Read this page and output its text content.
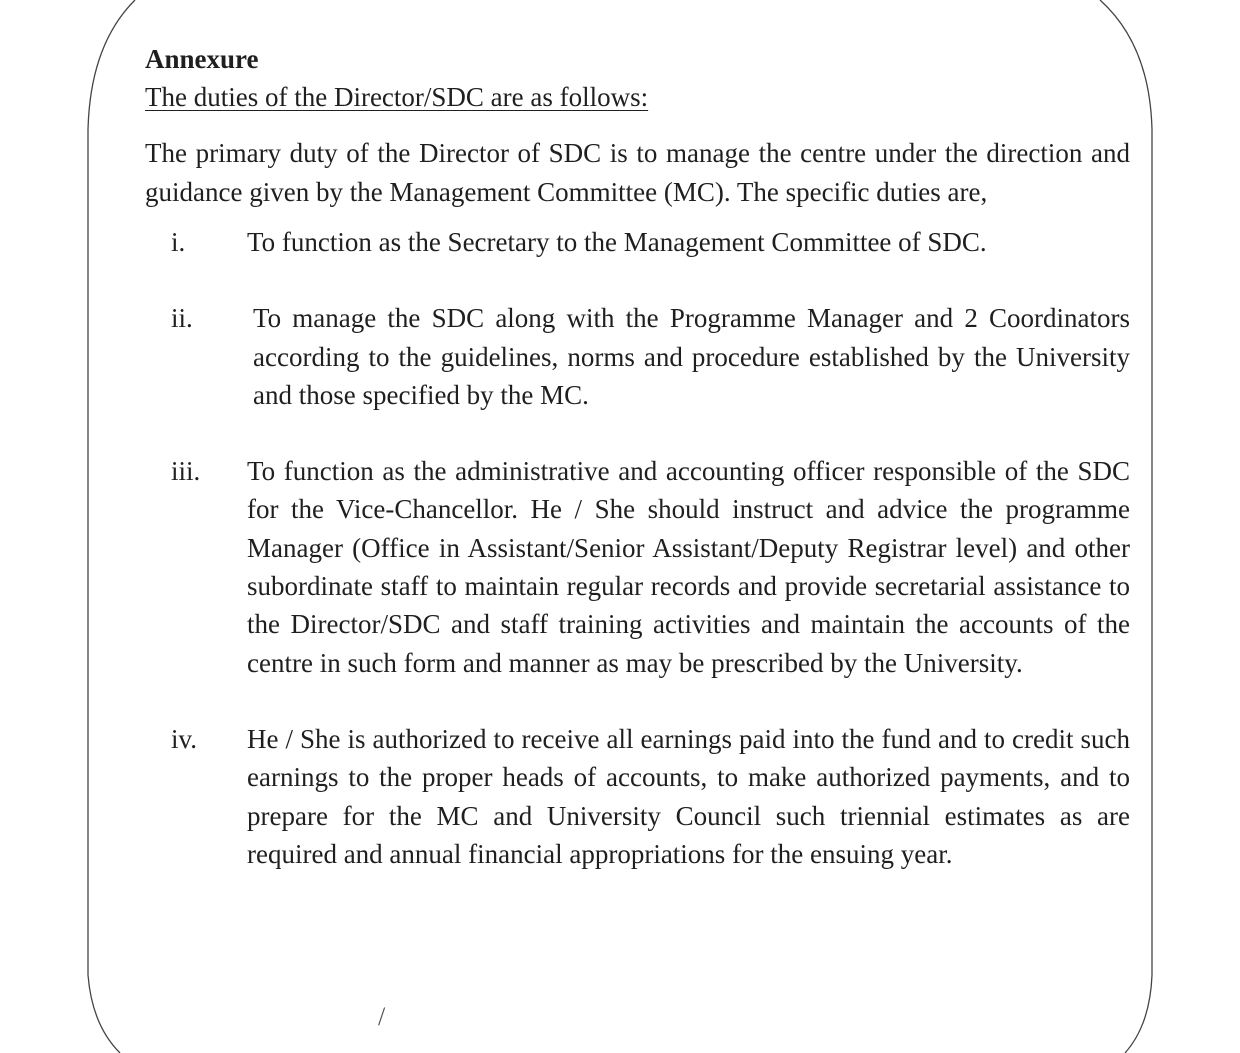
Annexure

The duties of the Director/SDC are as follows:

The primary duty of the Director of SDC is to manage the centre under the direction and guidance given by the Management Committee (MC). The specific duties are,

i.	To function as the Secretary to the Management Committee of SDC.
ii.	To manage the SDC along with the Programme Manager and 2 Coordinators according to the guidelines, norms and procedure established by the University and those specified by the MC.
iii.	To function as the administrative and accounting officer responsible of the SDC for the Vice-Chancellor. He / She should instruct and advice the programme Manager (Office in Assistant/Senior Assistant/Deputy Registrar level) and other subordinate staff to maintain regular records and provide secretarial assistance to the Director/SDC and staff training activities and maintain the accounts of the centre in such form and manner as may be prescribed by the University.
iv.	He / She is authorized to receive all earnings paid into the fund and to credit such earnings to the proper heads of accounts, to make authorized payments, and to prepare for the MC and University Council such triennial estimates as are required and annual financial appropriations for the ensuing year.
/
